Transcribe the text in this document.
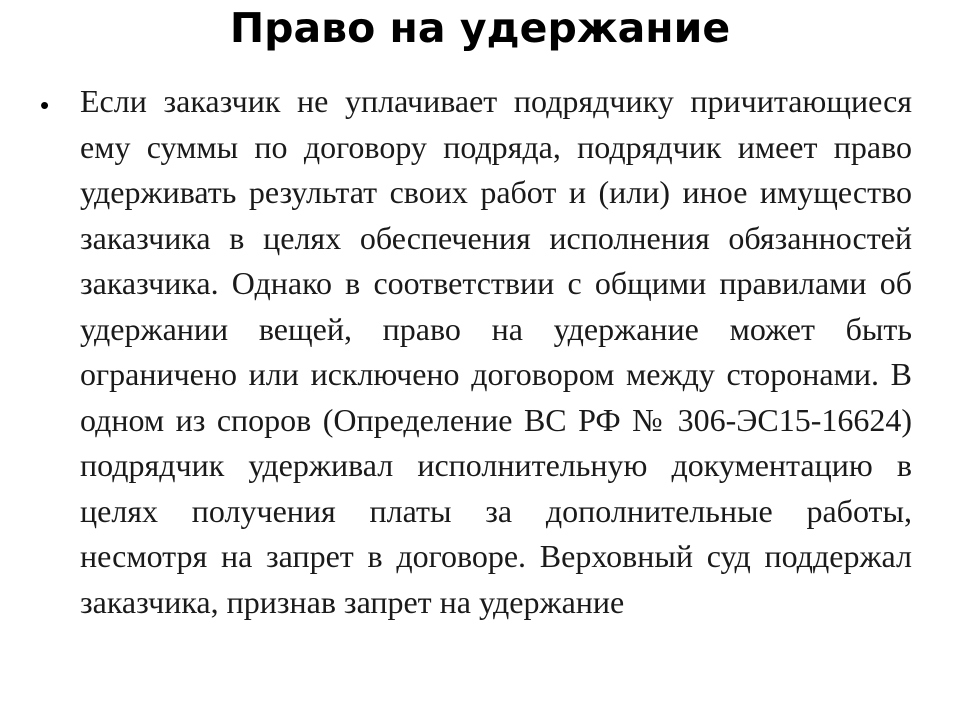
Право на удержание
• Если заказчик не уплачивает подрядчику причитающиеся ему суммы по договору подряда, подрядчик имеет право удерживать результат своих работ и (или) иное имущество заказчика в целях обеспечения исполнения обязанностей заказчика. Однако в соответствии с общими правилами об удержании вещей, право на удержание может быть ограничено или исключено договором между сторонами. В одном из споров (Определение ВС РФ № 306-ЭС15-16624) подрядчик удерживал исполнительную документацию в целях получения платы за дополнительные работы, несмотря на запрет в договоре. Верховный суд поддержал заказчика, признав запрет на удержание
